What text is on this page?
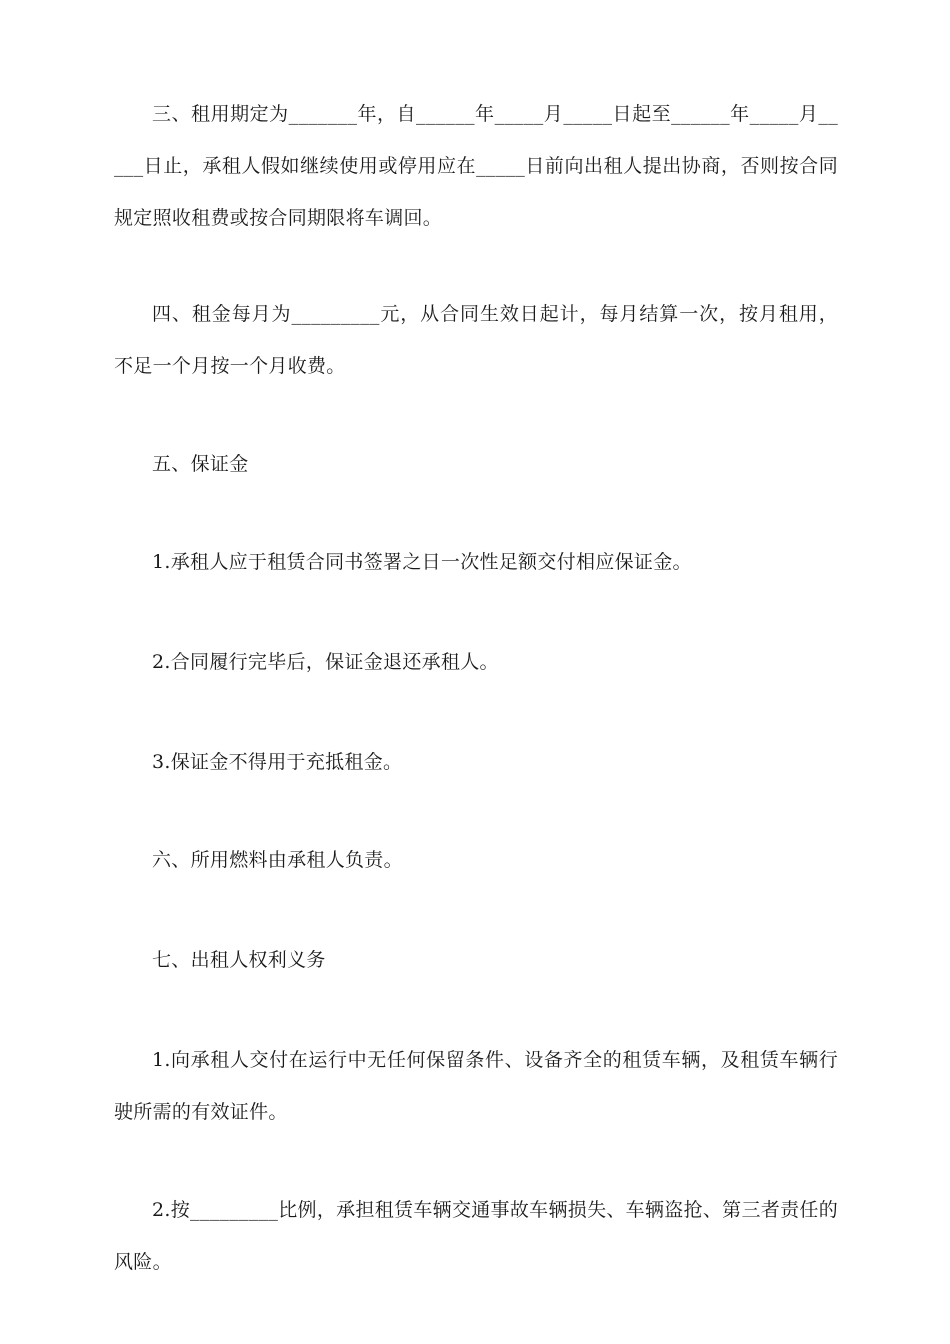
三、租用期定为_______年，自______年_____月_____日起至______年_____月_____日止，承租人假如继续使用或停用应在_____日前向出租人提出协商，否则按合同规定照收租费或按合同期限将车调回。

四、租金每月为_________元，从合同生效日起计，每月结算一次，按月租用，不足一个月按一个月收费。

五、保证金

1.承租人应于租赁合同书签署之日一次性足额交付相应保证金。

2.合同履行完毕后，保证金退还承租人。

3.保证金不得用于充抵租金。

六、所用燃料由承租人负责。

七、出租人权利义务

1.向承租人交付在运行中无任何保留条件、设备齐全的租赁车辆，及租赁车辆行驶所需的有效证件。

2.按_________比例，承担租赁车辆交通事故车辆损失、车辆盗抢、第三者责任的风险。
